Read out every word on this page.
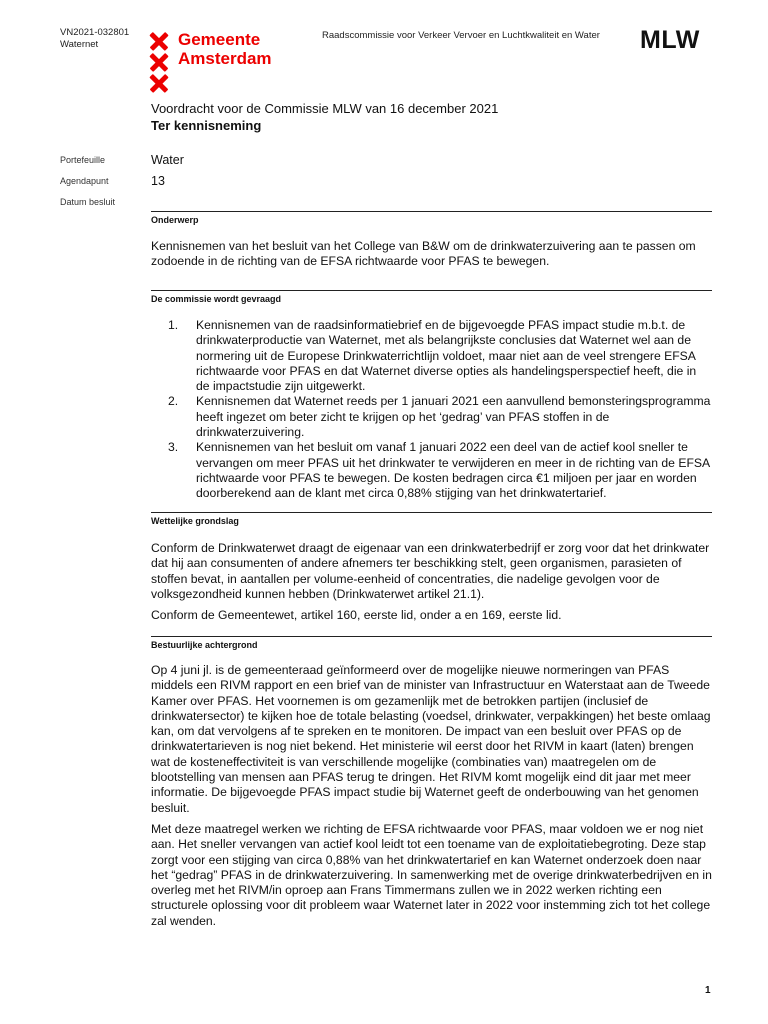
VN2021-032801
Waternet	Gemeente
Amsterdam
Raadscommissie voor Verkeer Vervoer en Luchtkwaliteit en Water MLW
Voordracht voor de Commissie MLW van 16 december 2021
Ter kennisneming
Portefeuille	Water
Agendapunt	13
Datum besluit
Onderwerp

Kennisnemen van het besluit van het College van B&W om de drinkwaterzuivering aan te passen om zodoende in de richting van de EFSA richtwaarde voor PFAS te bewegen.

De commissie wordt gevraagd
1. Kennisnemen van de raadsinformatiebrief en de bijgevoegde PFAS impact studie m.b.t. de drinkwaterproductie van Waternet, met als belangrijkste conclusies dat Waternet wel aan de normering uit de Europese Drinkwaterrichtlijn voldoet, maar niet aan de veel strengere EFSA richtwaarde voor PFAS en dat Waternet diverse opties als handelingsperspectief heeft, die in de impactstudie zijn uitgewerkt.
2. Kennisnemen dat Waternet reeds per 1 januari 2021 een aanvullend bemonsteringsprogramma heeft ingezet om beter zicht te krijgen op het ‘gedrag’ van PFAS stoffen in de drinkwaterzuivering.
3. Kennisnemen van het besluit om vanaf 1 januari 2022 een deel van de actief kool sneller te vervangen om meer PFAS uit het drinkwater te verwijderen en meer in de richting van de EFSA richtwaarde voor PFAS te bewegen. De kosten bedragen circa €1 miljoen per jaar en worden doorberekend aan de klant met circa 0,88% stijging van het drinkwatertarief.
Wettelijke grondslag

Conform de Drinkwaterwet draagt de eigenaar van een drinkwaterbedrijf er zorg voor dat het drinkwater dat hij aan consumenten of andere afnemers ter beschikking stelt, geen organismen, parasieten of stoffen bevat, in aantallen per volume-eenheid of concentraties, die nadelige gevolgen voor de volksgezondheid kunnen hebben (Drinkwaterwet artikel 21.1).

Conform de Gemeentewet, artikel 160, eerste lid, onder a en 169, eerste lid.

Bestuurlijke achtergrond

Op 4 juni jl. is de gemeenteraad geïnformeerd over de mogelijke nieuwe normeringen van PFAS middels een RIVM rapport en een brief van de minister van Infrastructuur en Waterstaat aan de Tweede Kamer over PFAS. Het voornemen is om gezamenlijk met de betrokken partijen (inclusief de drinkwatersector) te kijken hoe de totale belasting (voedsel, drinkwater, verpakkingen) het beste omlaag kan, om dat vervolgens af te spreken en te monitoren. De impact van een besluit over PFAS op de drinkwatertarieven is nog niet bekend. Het ministerie wil eerst door het RIVM in kaart (laten) brengen wat de kosteneffectiviteit is van verschillende mogelijke (combinaties van) maatregelen om de blootstelling van mensen aan PFAS terug te dringen. Het RIVM komt mogelijk eind dit jaar met meer informatie. De bijgevoegde PFAS impact studie bij Waternet geeft de onderbouwing van het genomen besluit.

Met deze maatregel werken we richting de EFSA richtwaarde voor PFAS, maar voldoen we er nog niet aan. Het sneller vervangen van actief kool leidt tot een toename van de exploitatiebegroting. Deze stap zorgt voor een stijging van circa 0,88% van het drinkwatertarief en kan Waternet onderzoek doen naar het “gedrag” PFAS in de drinkwaterzuivering. In samenwerking met de overige drinkwaterbedrijven en in overleg met het RIVM/in oproep aan Frans Timmermans zullen we in 2022 werken richting een structurele oplossing voor dit probleem waar Waternet later in 2022 voor instemming zich tot het college zal wenden.

1
